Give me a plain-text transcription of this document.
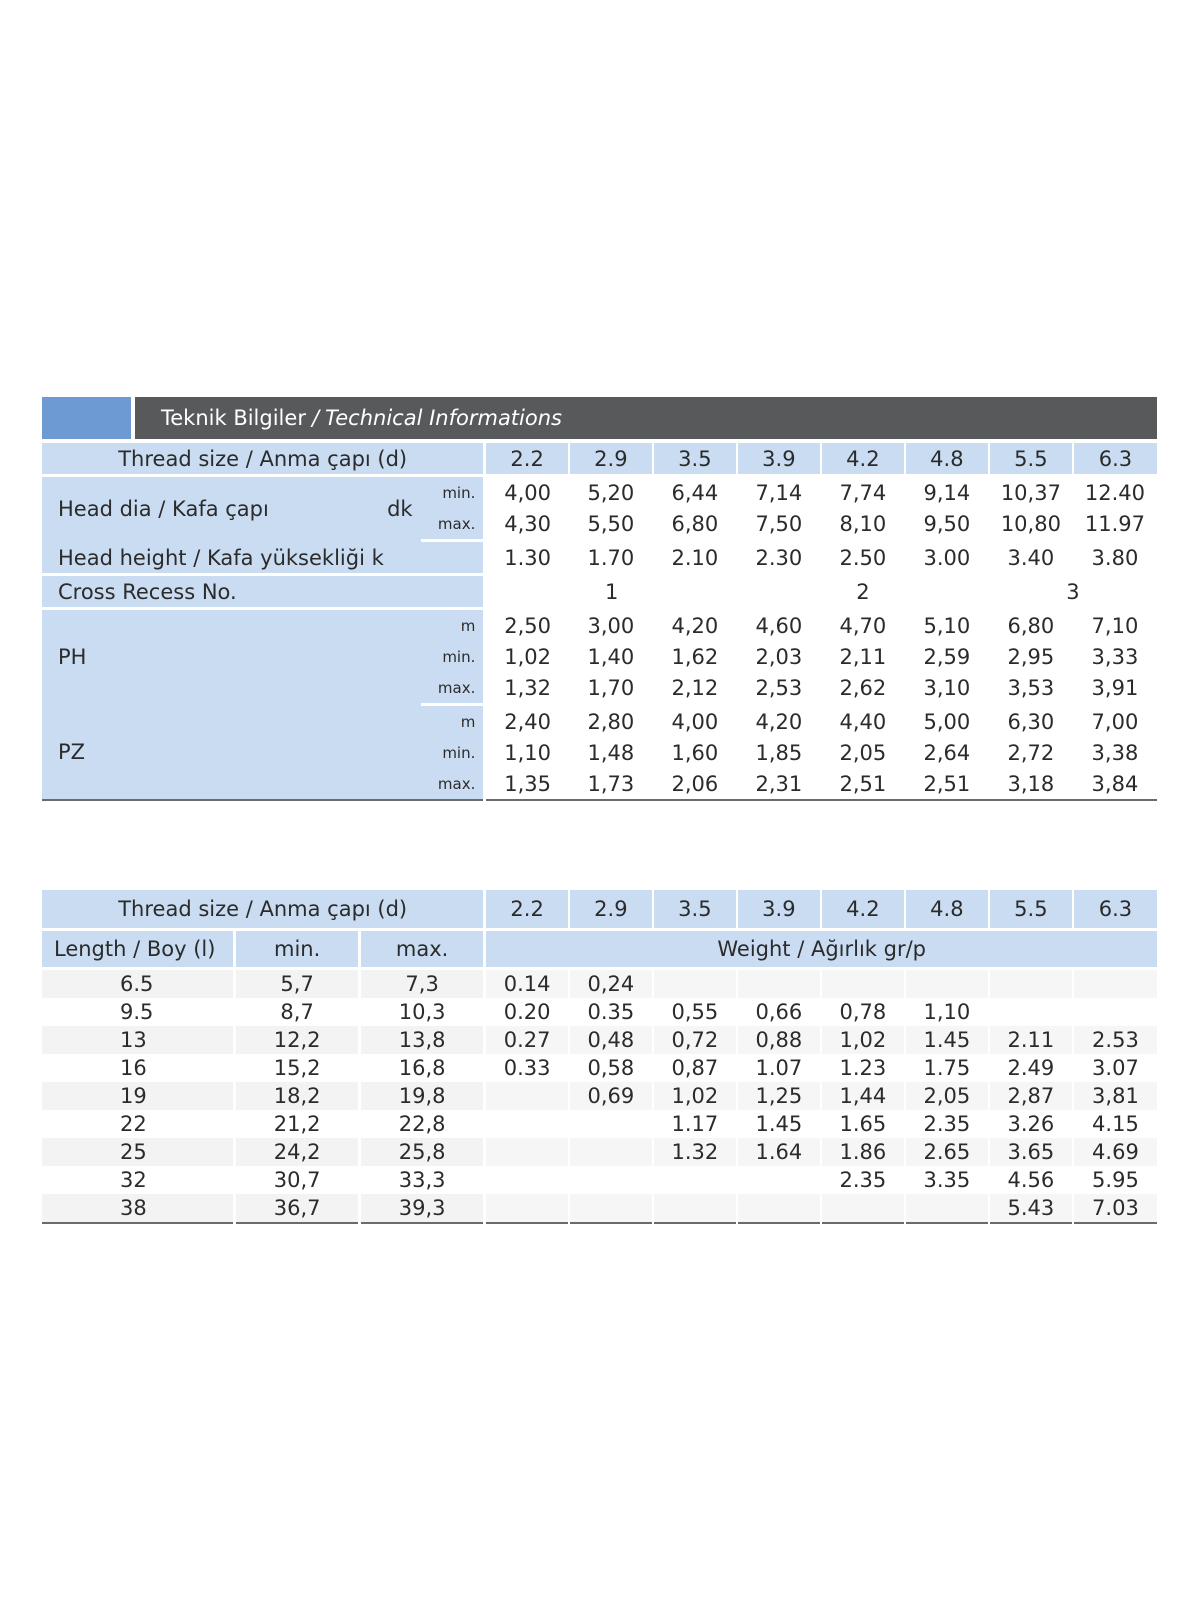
Teknik Bilgiler / Technical Informations
Thread size / Anma çapı (d)		2.2	2.9	3.5	3.9	4.2	4.8	5.5	6.3
Head dia / Kafa çapı dk	min.	4,00	5,20	6,44	7,14	7,74	9,14	10,37	12.40
	max.	4,30	5,50	6,80	7,50	8,10	9,50	10,80	11.97
Head height / Kafa yüksekliği k		1.30	1.70	2.10	2.30	2.50	3.00	3.40	3.80
Cross Recess No.		1			2			3	
PH	m	2,50	3,00	4,20	4,60	4,70	5,10	6,80	7,10
	min.	1,02	1,40	1,62	2,03	2,11	2,59	2,95	3,33
	max.	1,32	1,70	2,12	2,53	2,62	3,10	3,53	3,91
PZ	m	2,40	2,80	4,00	4,20	4,40	5,00	6,30	7,00
	min.	1,10	1,48	1,60	1,85	2,05	2,64	2,72	3,38
	max.	1,35	1,73	2,06	2,31	2,51	2,51	3,18	3,84
Thread size / Anma çapı (d)			2.2	2.9	3.5	3.9	4.2	4.8	5.5	6.3
Length / Boy (l)	min.	max.	Weight / Ağırlık gr/p							
6.5	5,7	7,3	0.14	0,24						
9.5	8,7	10,3	0.20	0.35	0,55	0,66	0,78	1,10		
13	12,2	13,8	0.27	0,48	0,72	0,88	1,02	1.45	2.11	2.53
16	15,2	16,8	0.33	0,58	0,87	1.07	1.23	1.75	2.49	3.07
19	18,2	19,8		0,69	1,02	1,25	1,44	2,05	2,87	3,81
22	21,2	22,8			1.17	1.45	1.65	2.35	3.26	4.15
25	24,2	25,8			1.32	1.64	1.86	2.65	3.65	4.69
32	30,7	33,3					2.35	3.35	4.56	5.95
38	36,7	39,3							5.43	7.03
